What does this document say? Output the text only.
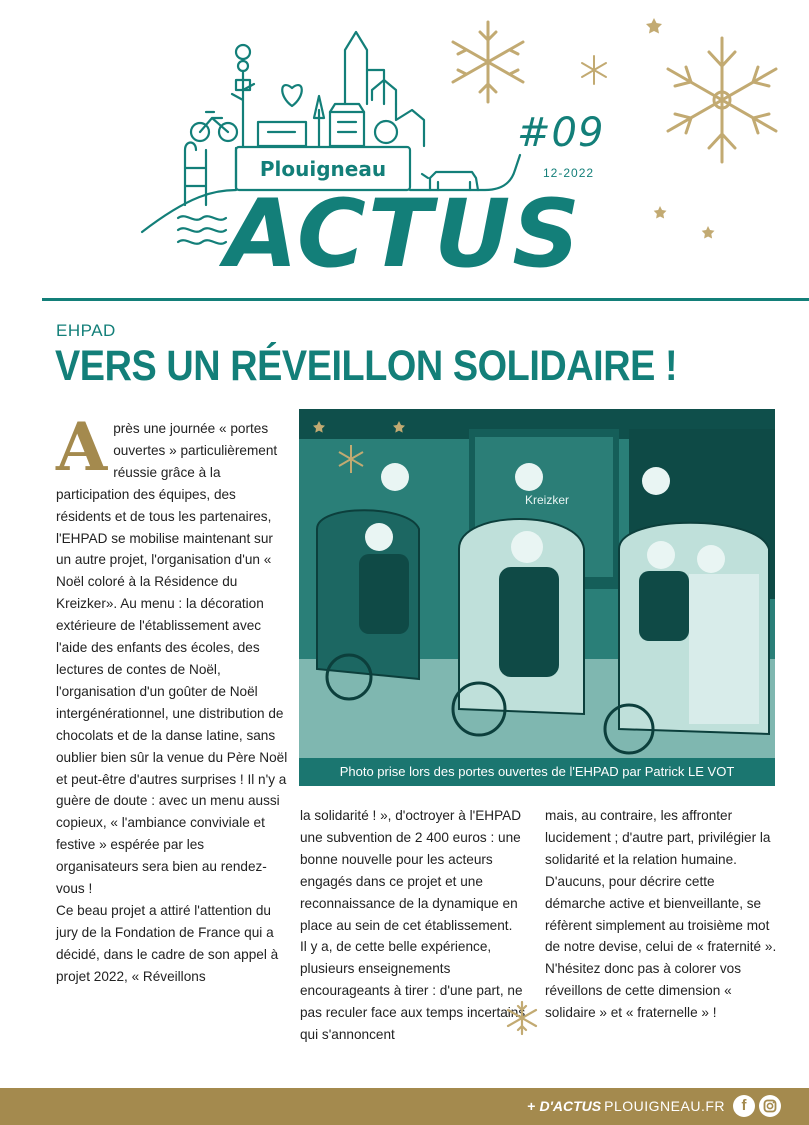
Plouigneau
#09
12-2022
ACTUS
EHPAD
VERS UN RÉVEILLON SOLIDAIRE !
A près une journée « portes ouvertes » particulièrement réussie grâce à la participation des équipes, des résidents et de tous les partenaires, l'EHPAD se mobilise maintenant sur un autre projet, l'organisation d'un « Noël coloré à la Résidence du Kreizker». Au menu : la décoration extérieure de l'établissement avec l'aide des enfants des écoles, des lectures de contes de Noël, l'organisation d'un goûter de Noël intergénérationnel, une distribution de chocolats et de la danse latine, sans oublier bien sûr la venue du Père Noël et peut-être d'autres surprises ! Il n'y a guère de doute : avec un menu aussi copieux, « l'ambiance conviviale et festive » espérée par les organisateurs sera bien au rendez-vous !

Ce beau projet a attiré l'attention du jury de la Fondation de France qui a décidé, dans le cadre de son appel à projet 2022, « Réveillons

Kreizker
Photo prise lors des portes ouvertes de l'EHPAD par Patrick LE VOT

la solidarité ! », d'octroyer à l'EHPAD une subvention de 2 400 euros : une bonne nouvelle pour les acteurs engagés dans ce projet et une reconnaissance de la dynamique en place au sein de cet établissement.

Il y a, de cette belle expérience, plusieurs enseignements encourageants à tirer : d'une part, ne pas reculer face aux temps incertains qui s'annoncent

mais, au contraire, les affronter lucidement ; d'autre part, privilégier la solidarité et la relation humaine. D'aucuns, pour décrire cette démarche active et bienveillante, se réfèrent simplement au troisième mot de notre devise, celui de « fraternité ». N'hésitez donc pas à colorer vos réveillons de cette dimension « solidaire » et « fraternelle » !

+ D'ACTUS PLOUIGNEAU.FR	f
